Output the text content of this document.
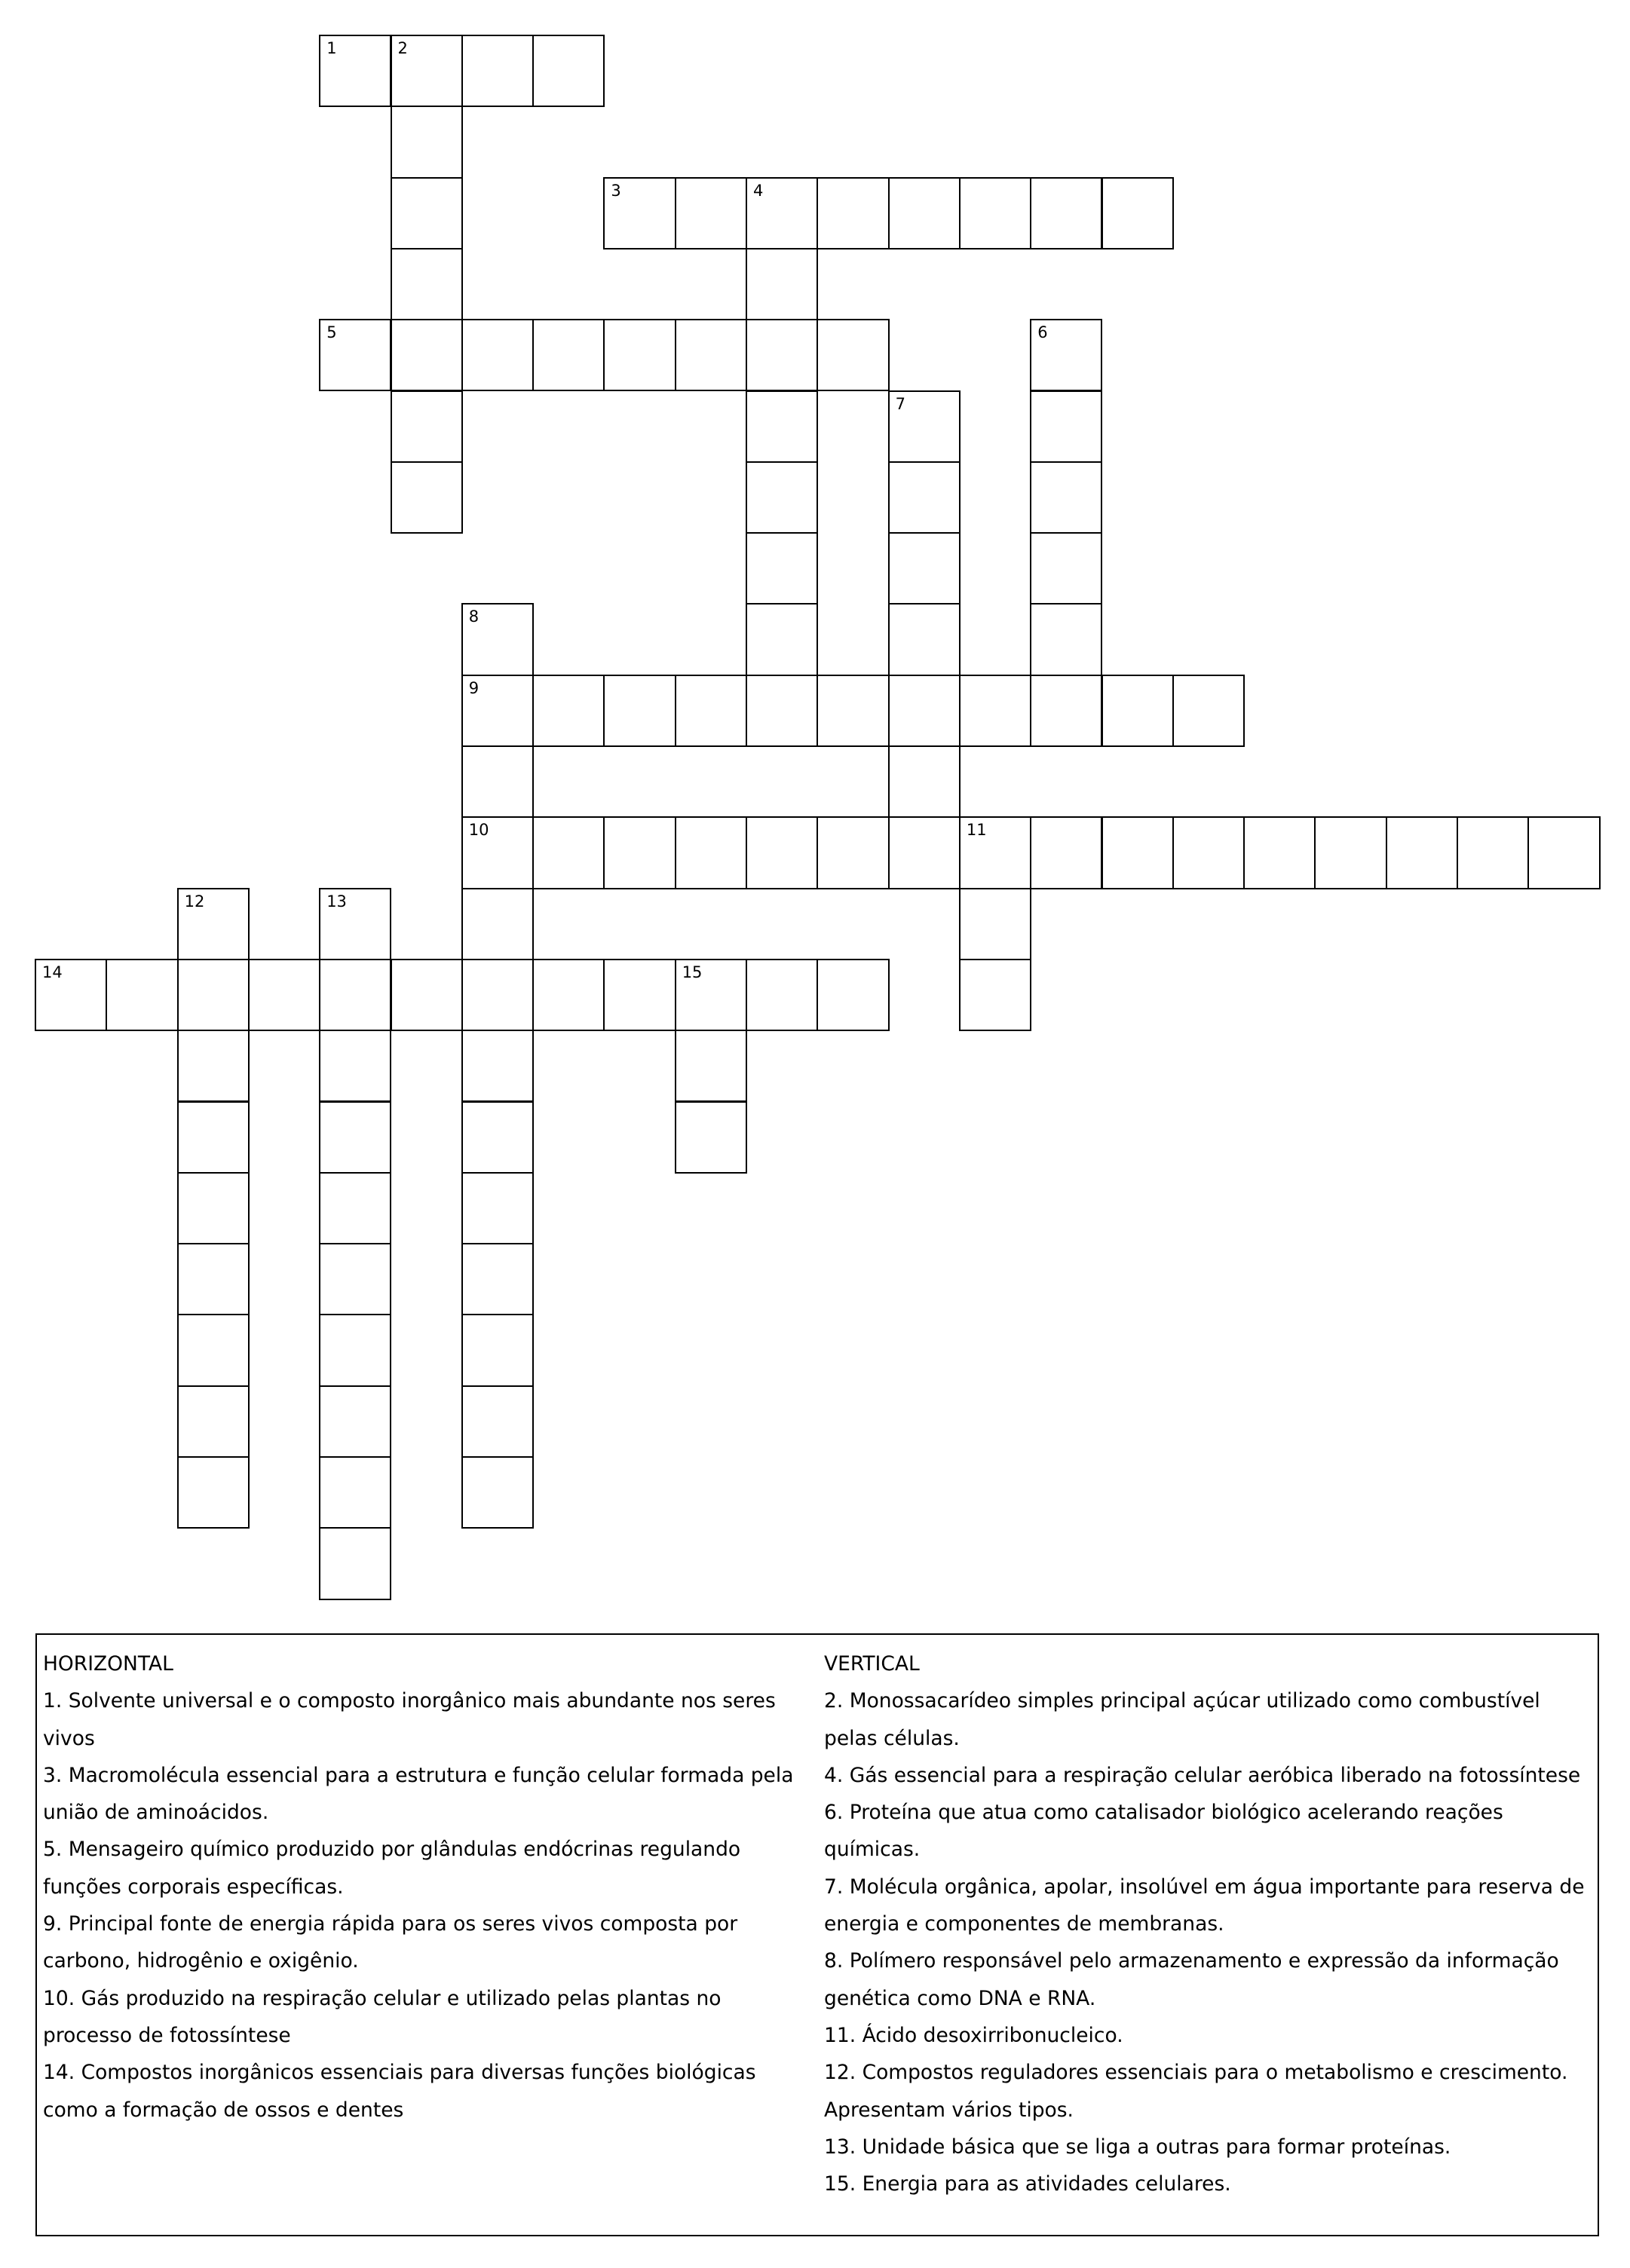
1	2
3	4
5	6
7
8
9
10	11
12	13
14	15
HORIZONTAL
1. Solvente universal e o composto inorgânico mais abundante nos seres vivos
3. Macromolécula essencial para a estrutura e função celular formada pela união de aminoácidos.
5. Mensageiro químico produzido por glândulas endócrinas regulando funções corporais específicas.
9. Principal fonte de energia rápida para os seres vivos composta por carbono, hidrogênio e oxigênio.
10. Gás produzido na respiração celular e utilizado pelas plantas no processo de fotossíntese
14. Compostos inorgânicos essenciais para diversas funções biológicas como a formação de ossos e dentes
VERTICAL
2. Monossacarídeo simples principal açúcar utilizado como combustível pelas células.
4. Gás essencial para a respiração celular aeróbica liberado na fotossíntese
6. Proteína que atua como catalisador biológico acelerando reações químicas.
7. Molécula orgânica, apolar, insolúvel em água importante para reserva de energia e componentes de membranas.
8. Polímero responsável pelo armazenamento e expressão da informação genética como DNA e RNA.
11. Ácido desoxirribonucleico.
12. Compostos reguladores essenciais para o metabolismo e crescimento. Apresentam vários tipos.
13. Unidade básica que se liga a outras para formar proteínas.
15. Energia para as atividades celulares.
